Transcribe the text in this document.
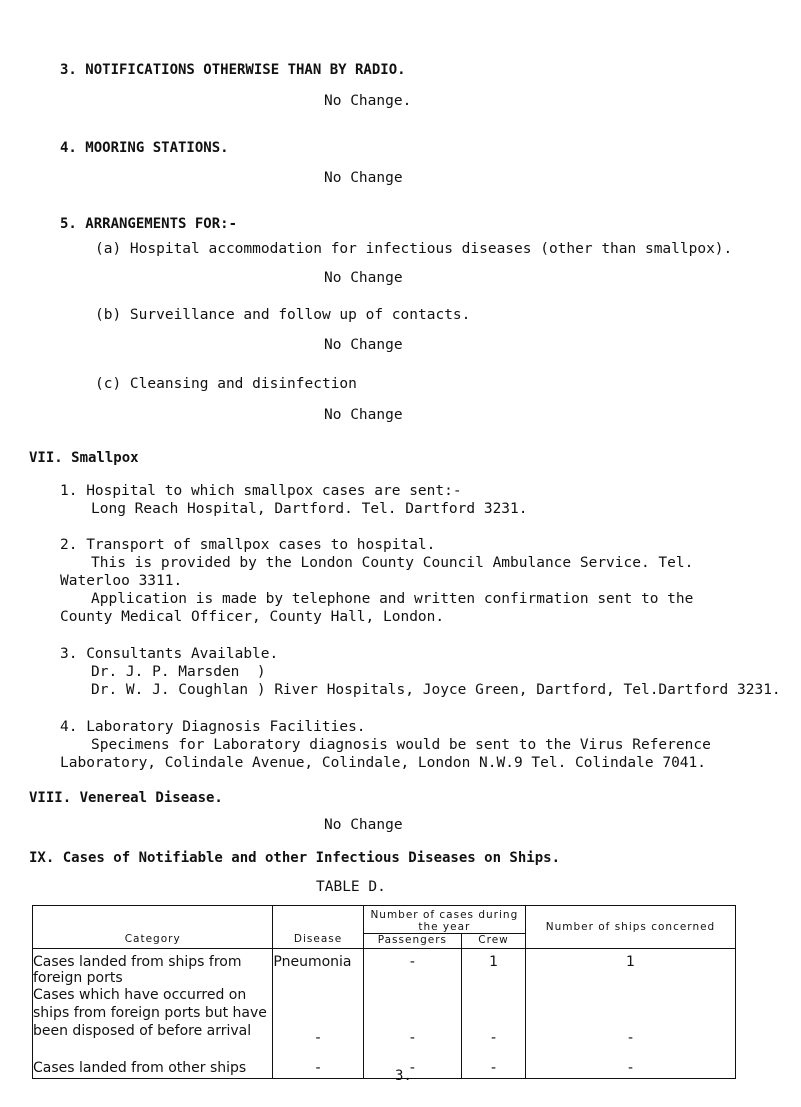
3. NOTIFICATIONS OTHERWISE THAN BY RADIO.
No Change.
4. MOORING STATIONS.
No Change
5. ARRANGEMENTS FOR:-
(a) Hospital accommodation for infectious diseases (other than smallpox).
No Change
(b) Surveillance and follow up of contacts.
No Change
(c) Cleansing and disinfection
No Change
VII. Smallpox
1. Hospital to which smallpox cases are sent:-
Long Reach Hospital, Dartford. Tel. Dartford 3231.
2. Transport of smallpox cases to hospital.
This is provided by the London County Council Ambulance Service. Tel.
Waterloo 3311.
Application is made by telephone and written confirmation sent to the
County Medical Officer, County Hall, London.
3. Consultants Available.
Dr. J. P. Marsden  )
Dr. W. J. Coughlan ) River Hospitals, Joyce Green, Dartford, Tel.Dartford 3231.
4. Laboratory Diagnosis Facilities.
Specimens for Laboratory diagnosis would be sent to the Virus Reference
Laboratory, Colindale Avenue, Colindale, London N.W.9 Tel. Colindale 7041.
VIII. Venereal Disease.
No Change
IX. Cases of Notifiable and other Infectious Diseases on Ships.
TABLE D.
Category	Disease	Number of cases during the year		Number of ships concerned
		Passengers	Crew	
Cases landed from ships from foreign ports	Pneumonia	-	1	1
Cases which have occurred on ships from foreign ports but have been disposed of before arrival	-	-	-	-
Cases landed from other ships	-	-	-	-
3.
